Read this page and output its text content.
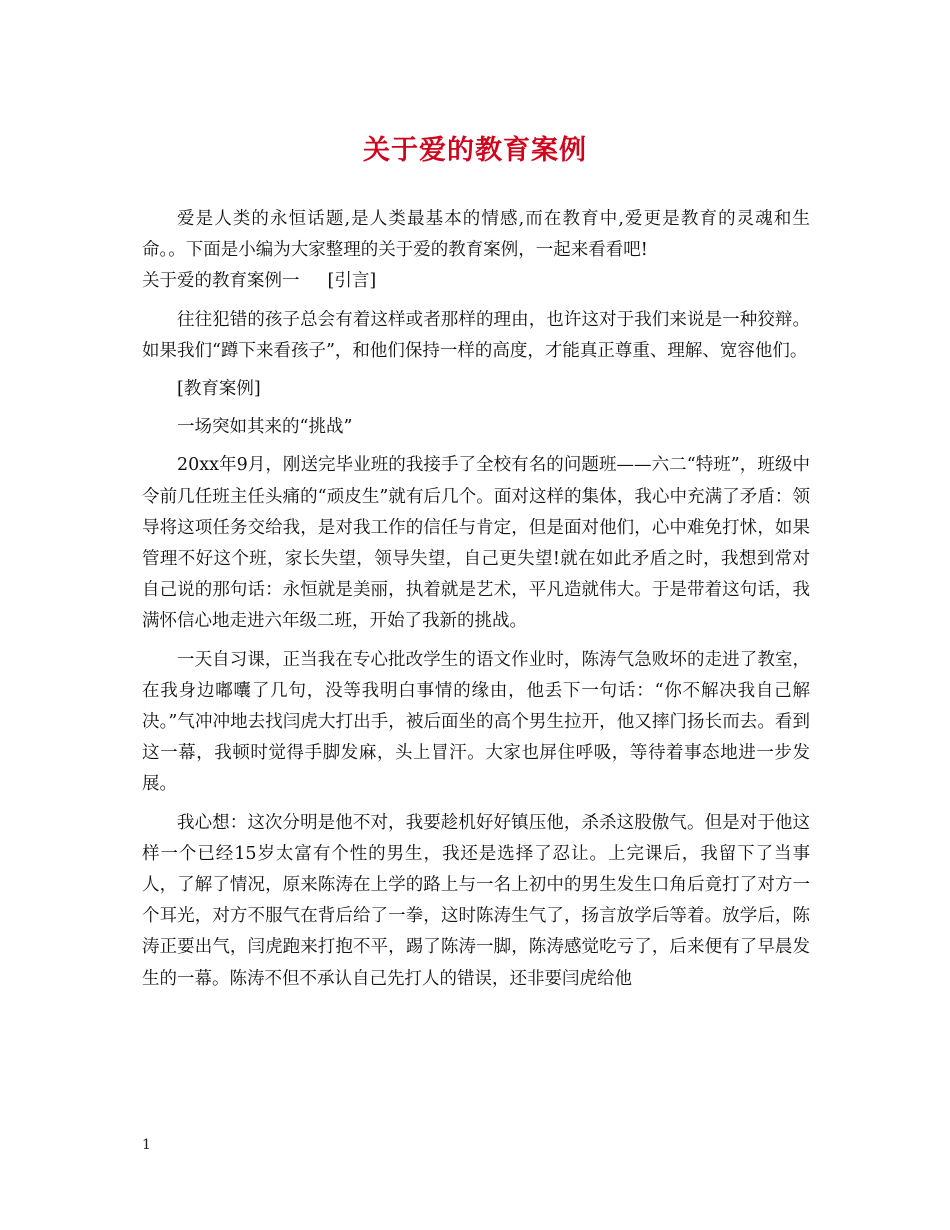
关于爱的教育案例

爱是人类的永恒话题,是人类最基本的情感,而在教育中,爱更是教育的灵魂和生命。。下面是小编为大家整理的关于爱的教育案例，一起来看看吧!

关于爱的教育案例一 [引言]

往往犯错的孩子总会有着这样或者那样的理由，也许这对于我们来说是一种狡辩。如果我们“蹲下来看孩子”，和他们保持一样的高度，才能真正尊重、理解、宽容他们。

[教育案例]

一场突如其来的“挑战”

20xx年9月，刚送完毕业班的我接手了全校有名的问题班——六二“特班”，班级中令前几任班主任头痛的“顽皮生”就有后几个。面对这样的集体，我心中充满了矛盾：领导将这项任务交给我，是对我工作的信任与肯定，但是面对他们，心中难免打怵，如果管理不好这个班，家长失望，领导失望，自己更失望!就在如此矛盾之时，我想到常对自己说的那句话：永恒就是美丽，执着就是艺术，平凡造就伟大。于是带着这句话，我满怀信心地走进六年级二班，开始了我新的挑战。

一天自习课，正当我在专心批改学生的语文作业时，陈涛气急败坏的走进了教室，在我身边嘟囔了几句，没等我明白事情的缘由，他丢下一句话：“你不解决我自己解决。”气冲冲地去找闫虎大打出手，被后面坐的高个男生拉开，他又摔门扬长而去。看到这一幕，我顿时觉得手脚发麻，头上冒汗。大家也屏住呼吸，等待着事态地进一步发展。

我心想：这次分明是他不对，我要趁机好好镇压他，杀杀这股傲气。但是对于他这样一个已经15岁太富有个性的男生，我还是选择了忍让。上完课后，我留下了当事人，了解了情况，原来陈涛在上学的路上与一名上初中的男生发生口角后竟打了对方一个耳光，对方不服气在背后给了一拳，这时陈涛生气了，扬言放学后等着。放学后，陈涛正要出气，闫虎跑来打抱不平，踢了陈涛一脚，陈涛感觉吃亏了，后来便有了早晨发生的一幕。陈涛不但不承认自己先打人的错误，还非要闫虎给他

1
